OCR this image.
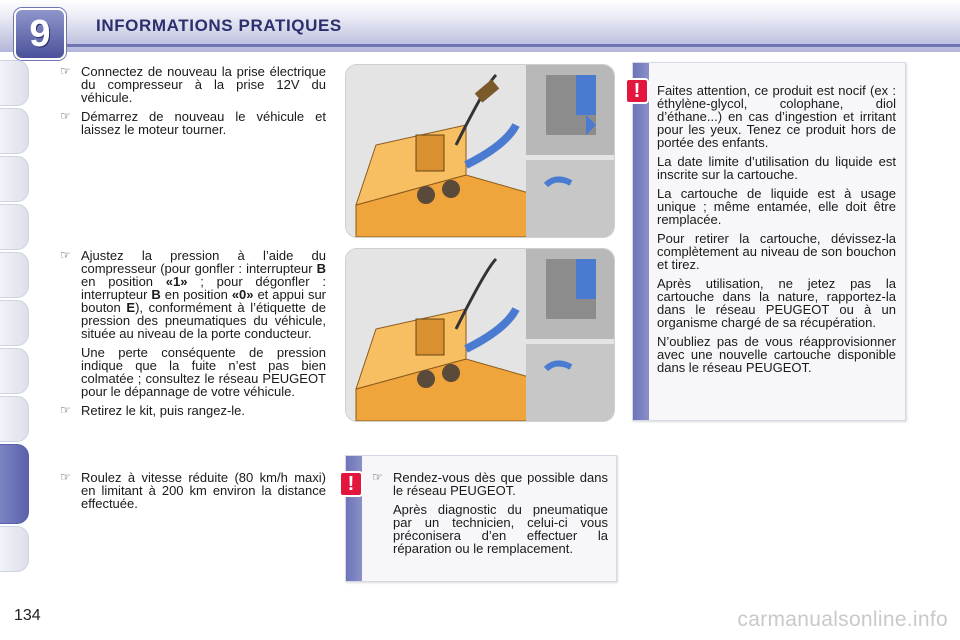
9	INFORMATIONS PRATIQUES
☞ Connectez de nouveau la prise électrique du compresseur à la prise 12V du véhicule.
☞ Démarrez de nouveau le véhicule et laissez le moteur tourner.
☞ Ajustez la pression à l’aide du compresseur (pour gonfler : interrupteur B en position «1» ; pour dégonfler : interrupteur B en position «0» et appui sur bouton E), conformément à l’étiquette de pression des pneumatiques du véhicule, située au niveau de la porte conducteur.

Une perte conséquente de pression indique que la fuite n’est pas bien colmatée ; consultez le réseau PEUGEOT pour le dépannage de votre véhicule.

☞ Retirez le kit, puis rangez-le.
☞ Roulez à vitesse réduite (80 km/h maxi) en limitant à 200 km environ la distance effectuée.
!	Faites attention, ce produit est nocif (ex : éthylène-glycol, colophane, diol d’éthane...) en cas d’ingestion et irritant pour les yeux. Tenez ce produit hors de portée des enfants.

La date limite d’utilisation du liquide est inscrite sur la cartouche.

La cartouche de liquide est à usage unique ; même entamée, elle doit être remplacée.

Pour retirer la cartouche, dévissez-la complètement au niveau de son bouchon et tirez.

Après utilisation, ne jetez pas la cartouche dans la nature, rapportez-la dans le réseau PEUGEOT ou à un organisme chargé de sa récupération.

N’oubliez pas de vous réapprovisionner avec une nouvelle cartouche disponible dans le réseau PEUGEOT.

!	☞ Rendez-vous dès que possible dans le réseau PEUGEOT.

Après diagnostic du pneumatique par un technicien, celui-ci vous préconisera d’en effectuer la réparation ou le remplacement.

134	carmanualsonline.info
